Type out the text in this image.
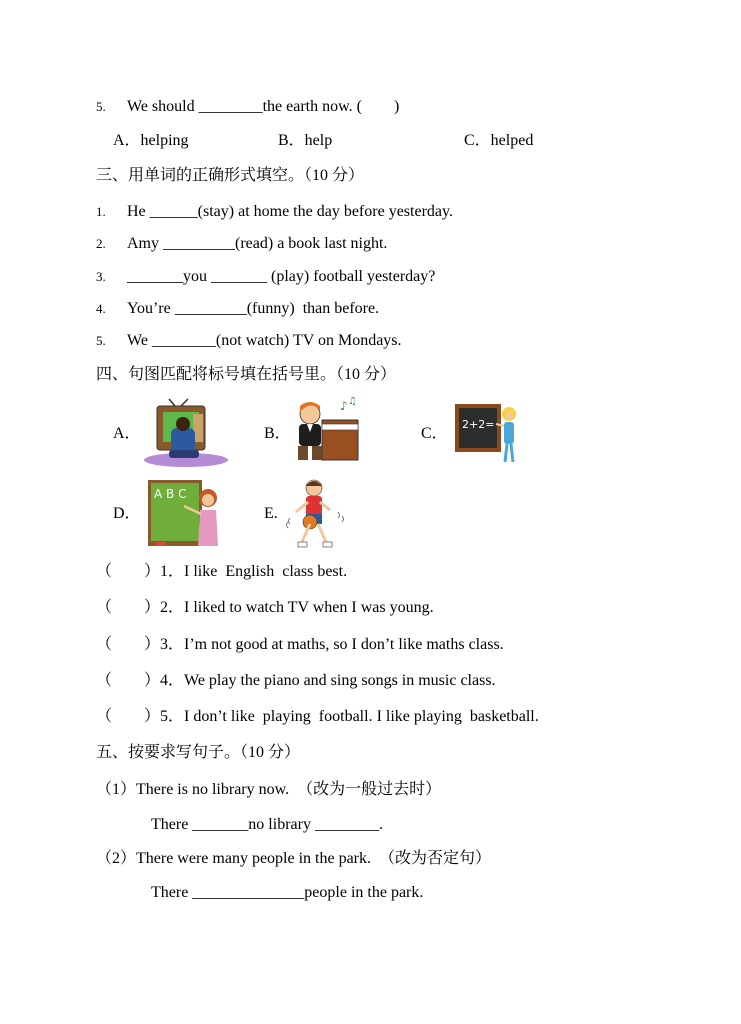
5. We should ________the earth now. (        )
A．helping	B．help	C．helped
三、用单词的正确形式填空。（10 分）
1. He ______(stay) at home the day before yesterday.
2. Amy _________(read) a book last night.
3. _______you _______ (play) football yesterday?
4. You’re _________(funny)  than before.
5. We ________(not watch) TV on Mondays.
四、句图匹配将标号填在括号里。（10 分）
A．	B．
♪ ♫
C．
2+2=
D．
A B C
E.
（        ）1．I like  English  class best.
（        ）2．I liked to watch TV when I was young.
（        ）3．I’m not good at maths, so I don’t like maths class.
（        ）4．We play the piano and sing songs in music class.
（        ）5．I don’t like  playing  football. I like playing  basketball.
五、按要求写句子。（10 分）
（1）There is no library now.  （改为一般过去时）
There _______no library ________.
（2）There were many people in the park.  （改为否定句）
There ______________people in the park.
